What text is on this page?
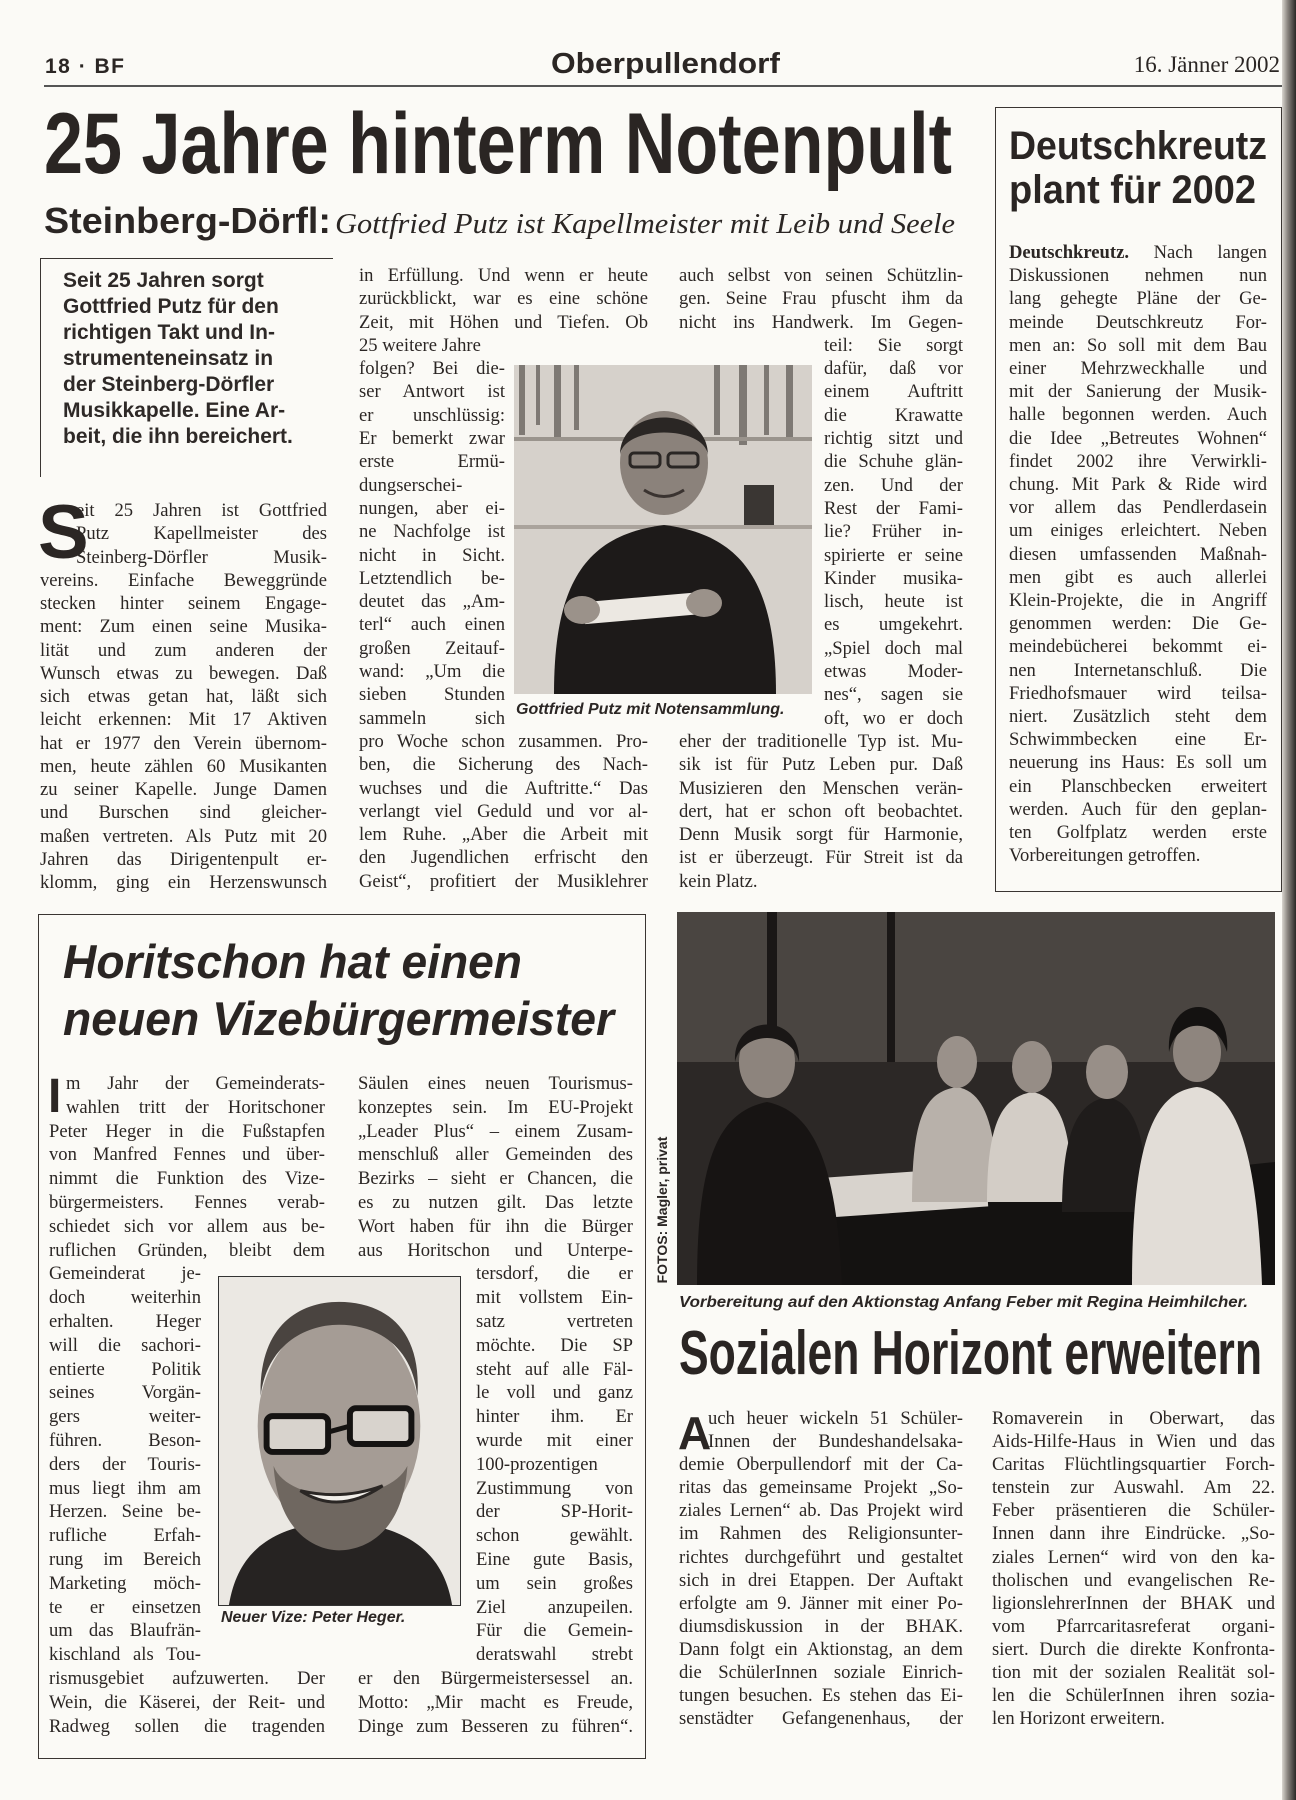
18 · BF	Oberpullendorf	16. Jänner 2002
25 Jahre hinterm Notenpult
Steinberg-Dörfl: Gottfried Putz ist Kapellmeister mit Leib und Seele
Seit 25 Jahren sorgt
Gottfried Putz für den
richtigen Takt und In-
strumenteneinsatz in
der Steinberg-Dörfler
Musikkapelle. Eine Ar-
beit, die ihn bereichert.
S
eit 25 Jahren ist Gottfried
Putz Kapellmeister des
Steinberg-Dörfler Musik-
vereins. Einfache Beweggründe
stecken hinter seinem Engage-
ment: Zum einen seine Musika-
lität und zum anderen der
Wunsch etwas zu bewegen. Daß
sich etwas getan hat, läßt sich
leicht erkennen: Mit 17 Aktiven
hat er 1977 den Verein übernom-
men, heute zählen 60 Musikanten
zu seiner Kapelle. Junge Damen
und Burschen sind gleicher-
maßen vertreten. Als Putz mit 20
Jahren das Dirigentenpult er-
klomm, ging ein Herzenswunsch
in Erfüllung. Und wenn er heute
zurückblickt, war es eine schöne
Zeit, mit Höhen und Tiefen. Ob
25 weitere Jahre
folgen? Bei die-
ser Antwort ist
er unschlüssig:
Er bemerkt zwar
erste Ermü-
dungserschei-
nungen, aber ei-
ne Nachfolge ist
nicht in Sicht.
Letztendlich be-
deutet das „Am-
terl“ auch einen
großen Zeitauf-
wand: „Um die
sieben Stunden
sammeln sich
pro Woche schon zusammen. Pro-
ben, die Sicherung des Nach-
wuchses und die Auftritte.“ Das
verlangt viel Geduld und vor al-
lem Ruhe. „Aber die Arbeit mit
den Jugendlichen erfrischt den
Geist“, profitiert der Musiklehrer
auch selbst von seinen Schützlin-
gen. Seine Frau pfuscht ihm da
nicht ins Handwerk. Im Gegen-
teil: Sie sorgt
dafür, daß vor
einem Auftritt
die Krawatte
richtig sitzt und
die Schuhe glän-
zen. Und der
Rest der Fami-
lie? Früher in-
spirierte er seine
Kinder musika-
lisch, heute ist
es umgekehrt.
„Spiel doch mal
etwas Moder-
nes“, sagen sie
oft, wo er doch
eher der traditionelle Typ ist. Mu-
sik ist für Putz Leben pur. Daß
Musizieren den Menschen verän-
dert, hat er schon oft beobachtet.
Denn Musik sorgt für Harmonie,
ist er überzeugt. Für Streit ist da
kein Platz.
Gottfried Putz mit Notensammlung.
Deutschkreutz
plant für 2002
Deutschkreutz. Nach langen
Diskussionen nehmen nun
lang gehegte Pläne der Ge-
meinde Deutschkreutz For-
men an: So soll mit dem Bau
einer Mehrzweckhalle und
mit der Sanierung der Musik-
halle begonnen werden. Auch
die Idee „Betreutes Wohnen“
findet 2002 ihre Verwirkli-
chung. Mit Park & Ride wird
vor allem das Pendlerdasein
um einiges erleichtert. Neben
diesen umfassenden Maßnah-
men gibt es auch allerlei
Klein-Projekte, die in Angriff
genommen werden: Die Ge-
meindebücherei bekommt ei-
nen Internetanschluß. Die
Friedhofsmauer wird teilsa-
niert. Zusätzlich steht dem
Schwimmbecken eine Er-
neuerung ins Haus: Es soll um
ein Planschbecken erweitert
werden. Auch für den geplan-
ten Golfplatz werden erste
Vorbereitungen getroffen.
Horitschon hat einen
neuen Vizebürgermeister
I m Jahr der Gemeinderats-
wahlen tritt der Horitschoner
Peter Heger in die Fußstapfen
von Manfred Fennes und über-
nimmt die Funktion des Vize-
bürgermeisters. Fennes verab-
schiedet sich vor allem aus be-
ruflichen Gründen, bleibt dem
Gemeinderat je-
doch weiterhin
erhalten. Heger
will die sachori-
entierte Politik
seines Vorgän-
gers weiter-
führen. Beson-
ders der Touris-
mus liegt ihm am
Herzen. Seine be-
rufliche Erfah-
rung im Bereich
Marketing möch-
te er einsetzen
um das Blaufrän-
kischland als Tou-
rismusgebiet aufzuwerten. Der
Wein, die Käserei, der Reit- und
Radweg sollen die tragenden
Säulen eines neuen Tourismus-
konzeptes sein. Im EU-Projekt
„Leader Plus“ – einem Zusam-
menschluß aller Gemeinden des
Bezirks – sieht er Chancen, die
es zu nutzen gilt. Das letzte
Wort haben für ihn die Bürger
aus Horitschon und Unterpe-
tersdorf, die er
mit vollstem Ein-
satz vertreten
möchte. Die SP
steht auf alle Fäl-
le voll und ganz
hinter ihm. Er
wurde mit einer
100-prozentigen
Zustimmung von
der SP-Horit-
schon gewählt.
Eine gute Basis,
um sein großes
Ziel anzupeilen.
Für die Gemein-
deratswahl strebt
er den Bürgermeistersessel an.
Motto: „Mir macht es Freude,
Dinge zum Besseren zu führen“.
Neuer Vize: Peter Heger.
FOTOS: Magler, privat
Vorbereitung auf den Aktionstag Anfang Feber mit Regina Heimhilcher.
Sozialen Horizont erweitern
A
uch heuer wickeln 51 Schüler-
Innen der Bundeshandelsaka-
demie Oberpullendorf mit der Ca-
ritas das gemeinsame Projekt „So-
ziales Lernen“ ab. Das Projekt wird
im Rahmen des Religionsunter-
richtes durchgeführt und gestaltet
sich in drei Etappen. Der Auftakt
erfolgte am 9. Jänner mit einer Po-
diumsdiskussion in der BHAK.
Dann folgt ein Aktionstag, an dem
die SchülerInnen soziale Einrich-
tungen besuchen. Es stehen das Ei-
senstädter Gefangenenhaus, der
Romaverein in Oberwart, das
Aids-Hilfe-Haus in Wien und das
Caritas Flüchtlingsquartier Forch-
tenstein zur Auswahl. Am 22.
Feber präsentieren die Schüler-
Innen dann ihre Eindrücke. „So-
ziales Lernen“ wird von den ka-
tholischen und evangelischen Re-
ligionslehrerInnen der BHAK und
vom Pfarrcaritasreferat organi-
siert. Durch die direkte Konfronta-
tion mit der sozialen Realität sol-
len die SchülerInnen ihren sozia-
len Horizont erweitern.
